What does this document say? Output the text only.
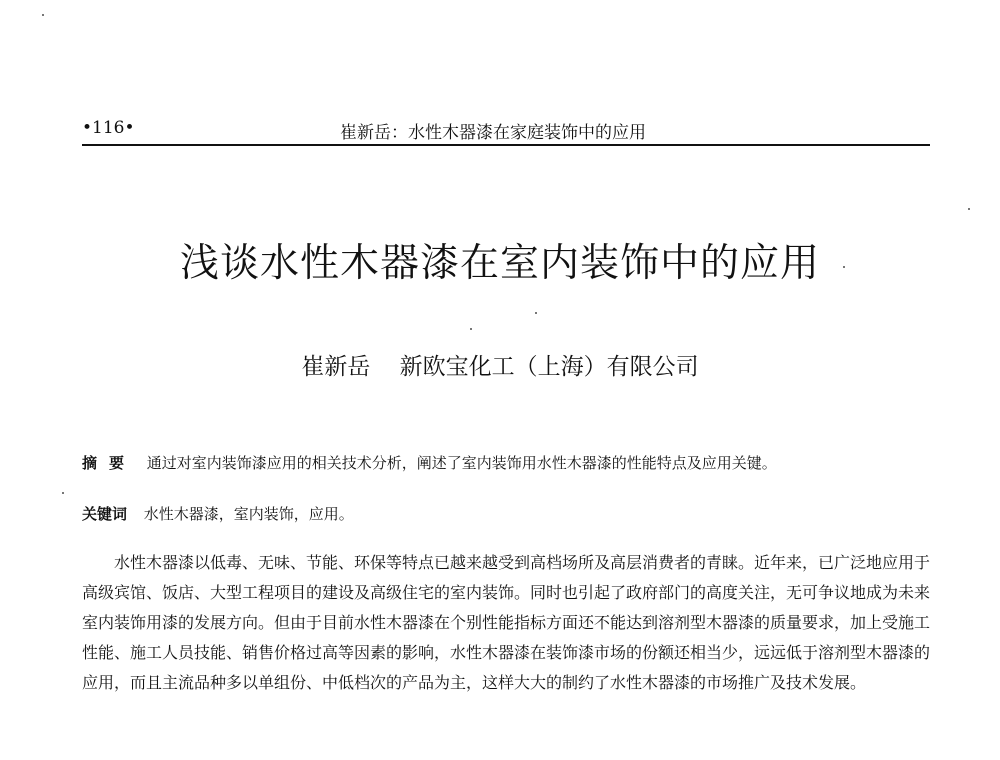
•116•	崔新岳：水性木器漆在家庭装饰中的应用
浅谈水性木器漆在室内装饰中的应用
崔新岳 新欧宝化工（上海）有限公司
摘要 通过对室内装饰漆应用的相关技术分析，阐述了室内装饰用水性木器漆的性能特点及应用关键。
关键词 水性木器漆，室内装饰，应用。

水性木器漆以低毒、无味、节能、环保等特点已越来越受到高档场所及高层消费者的青睐。近年来，已广泛地应用于高级宾馆、饭店、大型工程项目的建设及高级住宅的室内装饰。同时也引起了政府部门的高度关注，无可争议地成为未来室内装饰用漆的发展方向。但由于目前水性木器漆在个别性能指标方面还不能达到溶剂型木器漆的质量要求，加上受施工性能、施工人员技能、销售价格过高等因素的影响，水性木器漆在装饰漆市场的份额还相当少，远远低于溶剂型木器漆的应用，而且主流品种多以单组份、中低档次的产品为主，这样大大的制约了水性木器漆的市场推广及技术发展。
